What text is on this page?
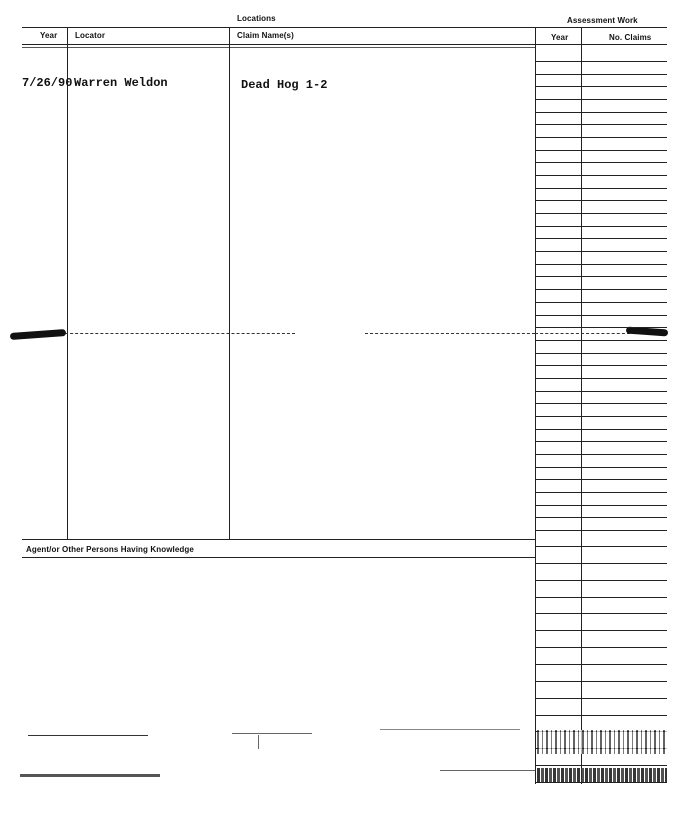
Locations	Assessment Work
Year Locator	Claim Name(s)	Year	No. Claims
7/26/90 Warren Weldon	Dead Hog 1-2
Agent/or Other Persons Having Knowledge
